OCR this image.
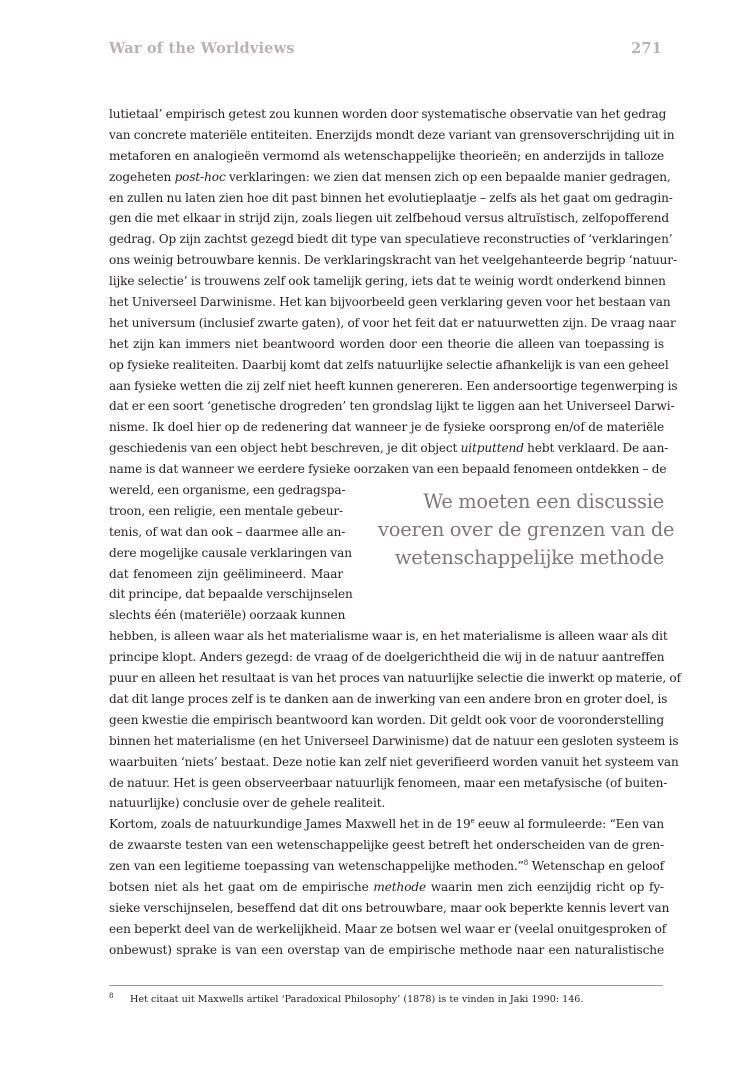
War of the Worldviews	271
lutietaal’ empirisch getest zou kunnen worden door systematische observatie van het gedrag
van concrete materiële entiteiten. Enerzijds mondt deze variant van grensoverschrijding uit in
metaforen en analogieën vermomd als wetenschappelijke theorieën; en anderzijds in talloze
zogeheten post-hoc verklaringen: we zien dat mensen zich op een bepaalde manier gedragen,
en zullen nu laten zien hoe dit past binnen het evolutieplaatje – zelfs als het gaat om gedragin-
gen die met elkaar in strijd zijn, zoals liegen uit zelfbehoud versus altruïstisch, zelfopofferend
gedrag. Op zijn zachtst gezegd biedt dit type van speculatieve reconstructies of ‘verklaringen’
ons weinig betrouwbare kennis. De verklaringskracht van het veelgehanteerde begrip ‘natuur-
lijke selectie’ is trouwens zelf ook tamelijk gering, iets dat te weinig wordt onderkend binnen
het Universeel Darwinisme. Het kan bijvoorbeeld geen verklaring geven voor het bestaan van
het universum (inclusief zwarte gaten), of voor het feit dat er natuurwetten zijn. De vraag naar
het zijn kan immers niet beantwoord worden door een theorie die alleen van toepassing is
op fysieke realiteiten. Daarbij komt dat zelfs natuurlijke selectie afhankelijk is van een geheel
aan fysieke wetten die zij zelf niet heeft kunnen genereren. Een andersoortige tegenwerping is
dat er een soort ‘genetische drogreden’ ten grondslag lijkt te liggen aan het Universeel Darwi-
nisme. Ik doel hier op de redenering dat wanneer je de fysieke oorsprong en/of de materiële
geschiedenis van een object hebt beschreven, je dit object uitputtend hebt verklaard. De aan-
name is dat wanneer we eerdere fysieke oorzaken van een bepaald fenomeen ontdekken – de
wereld, een organisme, een gedragspa-
troon, een religie, een mentale gebeur-
tenis, of wat dan ook – daarmee alle an-
dere mogelijke causale verklaringen van
dat fenomeen zijn geëlimineerd. Maar
dit principe, dat bepaalde verschijnselen
slechts één (materiële) oorzaak kunnen
We moeten een discussie
voeren over de grenzen van de
wetenschappelijke methode
hebben, is alleen waar als het materialisme waar is, en het materialisme is alleen waar als dit
principe klopt. Anders gezegd: de vraag of de doelgerichtheid die wij in de natuur aantreffen
puur en alleen het resultaat is van het proces van natuurlijke selectie die inwerkt op materie, of
dat dit lange proces zelf is te danken aan de inwerking van een andere bron en groter doel, is
geen kwestie die empirisch beantwoord kan worden. Dit geldt ook voor de vooronderstelling
binnen het materialisme (en het Universeel Darwinisme) dat de natuur een gesloten systeem is
waarbuiten ‘niets’ bestaat. Deze notie kan zelf niet geverifieerd worden vanuit het systeem van
de natuur. Het is geen observeerbaar natuurlijk fenomeen, maar een metafysische (of buiten-
natuurlijke) conclusie over de gehele realiteit.
Kortom, zoals de natuurkundige James Maxwell het in de 19e eeuw al formuleerde: “Een van
de zwaarste testen van een wetenschappelijke geest betreft het onderscheiden van de gren-
zen van een legitieme toepassing van wetenschappelijke methoden.”$^8$ Wetenschap en geloof
botsen niet als het gaat om de empirische methode waarin men zich eenzijdig richt op fy-
sieke verschijnselen, beseffend dat dit ons betrouwbare, maar ook beperkte kennis levert van
een beperkt deel van de werkelijkheid. Maar ze botsen wel waar er (veelal onuitgesproken of
onbewust) sprake is van een overstap van de empirische methode naar een naturalistische
8 Het citaat uit Maxwells artikel ‘Paradoxical Philosophy’ (1878) is te vinden in Jaki 1990: 146.
